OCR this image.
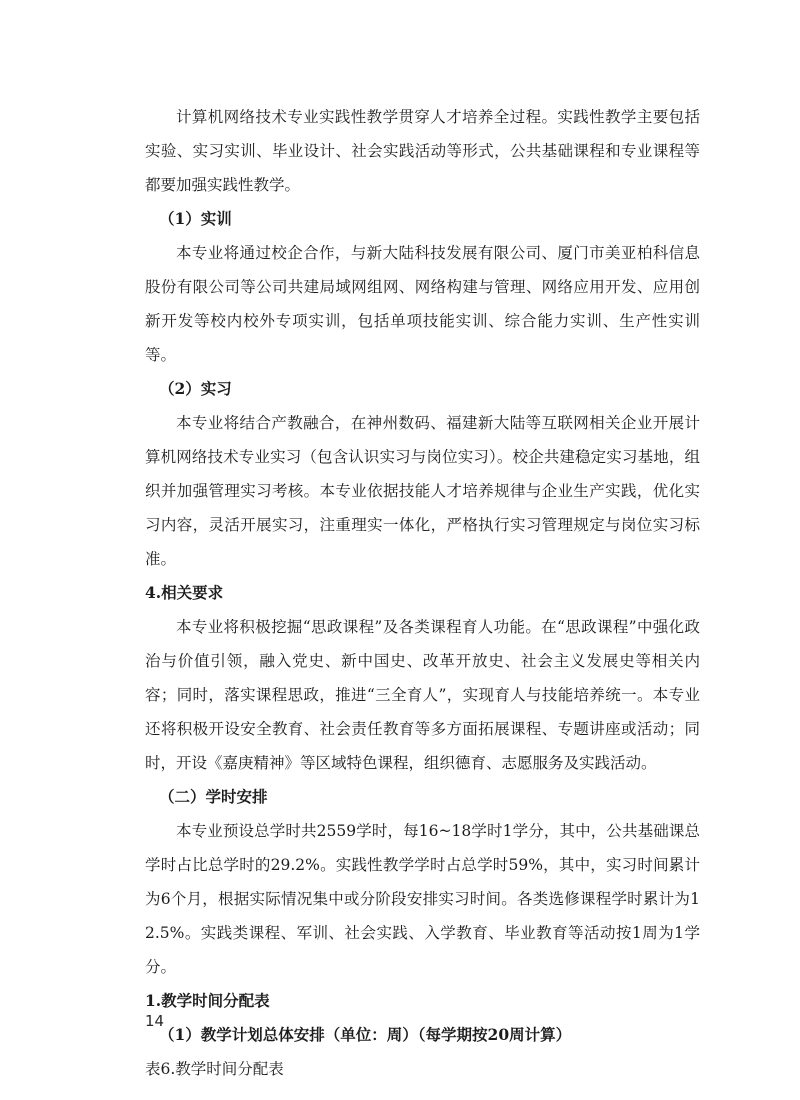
计算机网络技术专业实践性教学贯穿人才培养全过程。实践性教学主要包括实验、实习实训、毕业设计、社会实践活动等形式，公共基础课程和专业课程等都要加强实践性教学。

（1）实训

本专业将通过校企合作，与新大陆科技发展有限公司、厦门市美亚柏科信息股份有限公司等公司共建局域网组网、网络构建与管理、网络应用开发、应用创新开发等校内校外专项实训，包括单项技能实训、综合能力实训、生产性实训等。

（2）实习

本专业将结合产教融合，在神州数码、福建新大陆等互联网相关企业开展计算机网络技术专业实习（包含认识实习与岗位实习）。校企共建稳定实习基地，组织并加强管理实习考核。本专业依据技能人才培养规律与企业生产实践，优化实习内容，灵活开展实习，注重理实一体化，严格执行实习管理规定与岗位实习标准。

4.相关要求

本专业将积极挖掘“思政课程”及各类课程育人功能。在“思政课程”中强化政治与价值引领，融入党史、新中国史、改革开放史、社会主义发展史等相关内容；同时，落实课程思政，推进“三全育人”，实现育人与技能培养统一。本专业还将积极开设安全教育、社会责任教育等多方面拓展课程、专题讲座或活动；同时，开设《嘉庚精神》等区域特色课程，组织德育、志愿服务及实践活动。

（二）学时安排

本专业预设总学时共2559学时，每16~18学时1学分，其中，公共基础课总学时占比总学时的29.2%。实践性教学学时占总学时59%，其中，实习时间累计为6个月，根据实际情况集中或分阶段安排实习时间。各类选修课程学时累计为12.5%。实践类课程、军训、社会实践、入学教育、毕业教育等活动按1周为1学分。

1.教学时间分配表

（1）教学计划总体安排（单位：周）（每学期按20周计算）

表6.教学时间分配表

14
